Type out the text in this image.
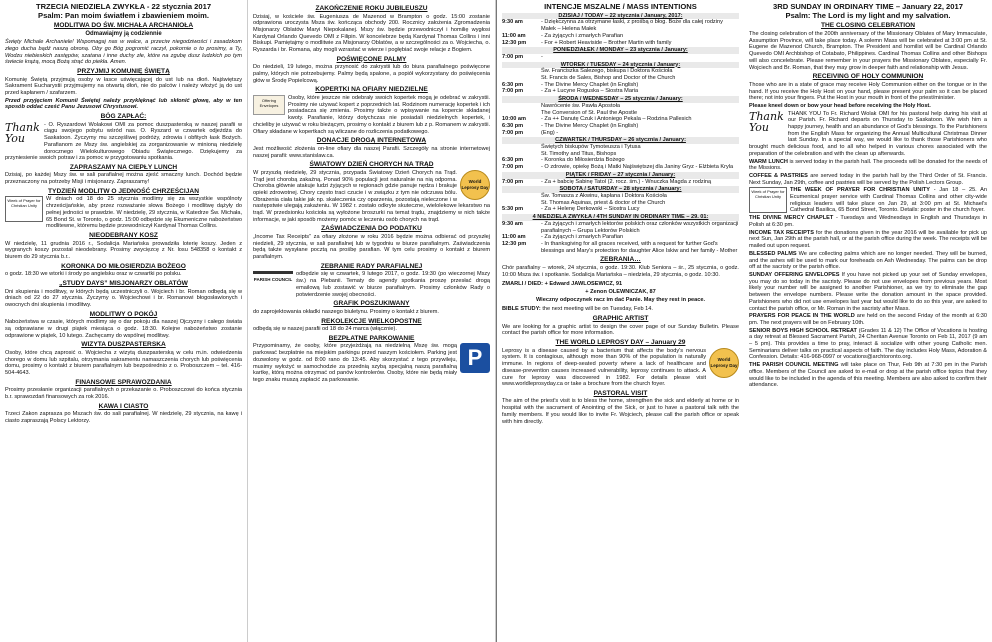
TRZECIA NIEDZIELA ZWYKŁA - 22 stycznia 2017
Psalm: Pan moim światłem i zbawieniem moim.
MODLITWA DO ŚW. MICHAŁA ARCHANIOŁA
Odmawiajmy ją codziennie

Święty Michale Archaniele! Wspomagaj nas w walce, a przeciw niegodziwości i zasadzkom złego ducha bądź naszą obroną. Oby go Bóg pogromić raczył, pokornie o to prosimy, a Ty, Wodzu niebieskich zastępów, szatana i inne duchy złe, które na zgubę dusz ludzkich po tym świecie krążą, mocą Bożą strąć do piekła. Amen.

PRZYJMIJ KOMUNIĘ ŚWIĘTĄ

Komunię Świętą przyjmują osoby w łasce uświęcającej do ust lub na dłoń. Najświętszy Sakrament Eucharystii przyjmujemy na otwartą dłoń, nie do palców i należy włożyć ją do ust przed kapłanem / szafarzem.

Przed przyjęciem Komunii Świętej należy przyklęknąć lub skłonić głowę, aby w ten sposób oddać cześć Panu Jezusowi Chrystusowi.

BÓG ZAPŁAĆ:
Thank You

- O. Ryszardowi Wolakowi OMI za pomoc duszpasterską w naszej parafii w ciągu swojego pobytu wśród nas. O. Ryszard w czwartek odjeżdża do Saskatoon. Życzymy mu szczęśliwej podróży, zdrowia i obfitych łask Bożych. Parafianom ze Mszy św. angielskiej za zorganizowanie w minioną niedzielę dorocznego Wielokulturowego Obiadu Świątecznego. Dziękujemy za przyniesienie swoich potraw i za pomoc w przygotowaniu spotkania.

ZAPRASZAMY NA CIEPŁY LUNCH

Dzisiaj, po każdej Mszy św. w sali parafialnej można zjeść smaczny lunch. Dochód będzie przeznaczony na potrzeby Misji i misjonarzy. Zapraszamy!

TYDZIEŃ MODLITW O JEDNOŚĆ CHRZEŚCIJAN
Week of Prayer for Christian Unity

W dniach od 18 do 25 stycznia modlimy się za wszystkie wspólnoty chrześcijańskie, aby przez rozważanie słowa Bożego i modlitwę dążyły do pełnej jedności w prawdzie. W niedzielę, 29 stycznia, w Katedrze Św. Michała, 65 Bond St. w Toronto, o godz. 15:00 odbędzie się Ekumeniczne nabożeństwo modlitewne, któremu będzie przewodniczył Kardynał Thomas Collins.

NIEODEBRANY KOSZ

W niedzielę, 11 grudnia 2016 r., Sodalicja Mariańska prowadziła loterię koszy. Jeden z wygranych koszy pozostał nieodebrany. Prosimy zwycięzcę z Nr. losu 548358 o kontakt z biurem do 29 stycznia b.r..

KORONKA DO MIŁOSIERDZIA BOŻEGO

o godz. 18:30 we wtorki i środy po angielsku oraz w czwartki po polsku.

„STUDY DAYS” MISJONARZY OBLATÓW

Dni skupienia i modlitwy, w których będą uczestniczyli o. Wojciech i br. Roman odbędą się w dniach od 22 do 27 stycznia. Życzymy o. Wojciechowi i br. Romanowi błogosławionych i owocnych dni skupienia i modlitwy.

MODLITWY O POKÓJ

Nabożeństwa w czasie, których modlimy się o dar pokoju dla naszej Ojczyzny i całego świata są odprawiane w drugi piątek miesiąca o godz. 18:30. Kolejne nabożeństwo zostanie odprawione w piątek, 10 lutego. Zachęcamy do wspólnej modlitwy.

WIZYTA DUSZPASTERSKA

Osoby, które chcą zaprosić o. Wojciecha z wizytą duszpasterską w celu m.in. odwiedzenia chorego w domu lub szpitalu, otrzymania sakramentu namaszczenia chorych lub poświęcenia domu, prosimy o kontakt z biurem parafialnym lub bezpośrednio z o. Proboszczem – tel. 416-504-4643.

FINANSOWE SPRAWOZDANIA

Prosimy przesłanie organizacji parafialnych o przekazanie o. Proboszczowi do końca stycznia b.r. sprawozdań finansowych za rok 2016.

KAWA I CIASTO

Trzeci Zakon zaprasza po Mszach św. do sali parafialnej. W niedzielę, 29 stycznia, na kawę i ciasto zapraszają Polscy Lektorzy.

ZAKOŃCZENIE ROKU JUBILEUSZU

Dzisiaj, w kościele św. Eugeniusza de Mazenod w Brampton o godz. 15:00 zostanie odprawiona uroczysta Msza św. kończąca obchody 200. Rocznicy założenia Zgromadzenia Misjonarzy Oblatów Maryi Niepokalanej. Mszy św. będzie przewodniczył i homilię wygłosi Kardynał Orlando Quevedo OMI z Filipin. W koncelebrze będą Kardynał Thomas Collins i inni Biskupi. Pamiętajmy o modlitwie za Misjonarzy Oblatów, a w szczególności za o. Wojciecha, o. Ryszarda i br. Romana, aby mogli wzrastać w wierze i pogłębiać swoje relacje z Bogiem.

POŚWIĘCONE PALMY

Do niedzieli, 19 lutego, można przynosić do zakrystii lub do biura parafialnego poświęcone palmy, których nie potrzebujemy. Palmy będą spalone, a popiół wykorzystany do poświęcenia głów w Środę Popielcową.

KOPERTKI NA OFIARY NIEDZIELNE
Offering Envelopes

Osoby, które jeszcze nie odebrały swoich kopertek mogą je odebrać w zakrystii. Prosimy nie używać kopert z poprzednich lat. Rodzinom numerację kopertek i ich posiadacza się zmienia. Prosimy także o wpisywanie na kopercie składanej kwoty. Parafianie, którzy dotychczas nie posiadali niedzielnych kopertek, i chcieliby je używać w roku bieżącym, prosimy o kontakt z biurem lub z p. Romanem w zakrystii. Ofiary składane w kopertkach są wliczane do rozliczenia podatkowego.

DONACJE DROGĄ INTERNETOWĄ

Jest możliwość złożenia on-line ofiary dla naszej Parafii. Szczegóły na stronie internetowej naszej parafii: www.stanislaw.ca.

ŚWIATOWY DZIEŃ CHORYCH NA TRĄD
World Leprosy Day

W przyszłą niedzielę, 29 stycznia, przypada Światowy Dzień Chorych na Trąd. Trąd jest chorobą zakaźną. Ponad 90% populacji jest naturalnie na nią odporna. Choroba głównie atakuje ludzi żyjących w regionach gdzie panuje nędza i brakuje opieki zdrowotnej. Chory często traci czucie i w związku z tym nie odczuwa bólu. Obrażenia ciała takie jak np. skaleczenia czy oparzenia, pozostają nieleczone i w następstwie ulegają zakażeniu. W 1982 r. zostało odkryte skuteczne, wielolekowe lekarstwo na trąd. W przedsionku kościoła są wyłożone broszurki na temat trądu, znajdziemy w nich także informacje, w jaki sposób możemy pomóc w leczeniu osób chorych na trąd.

ZAŚWIADCZENIA DO PODATKU

„Income Tax Receipts” za ofiary złożone w roku 2016 będzie można odbierać od przyszłej niedzieli, 29 stycznia, w sali parafialnej lub w tygodniu w biurze parafialnym. Zaświadczenia będą także wysyłane pocztą na prośbę parafian. W tym celu prosimy o kontakt z biurem parafialnym.

ZEBRANIE RADY PARAFIALNEJ
PARISH COUNCIL

odbędzie się w czwartek, 9 lutego 2017, o godz. 19:30 (po wieczornej Mszy św.) na Plebanii. Tematy do agendy spotkania proszę przesłać drogą emailową lub zostawić w biurze parafialnym. Prosimy członków Rady o potwierdzenie swojej obecności.

GRAFIK POSZUKIWANY

do zaprojektowania okładki naszego biuletynu. Prosimy o kontakt z biurem.

REKOLEKCJE WIELKOPOSTNE

odbędą się w naszej parafii od 18 do 24 marca (włącznie).

BEZPŁATNE PARKOWANIE
P

Przypominamy, że osoby, które przyjeżdżają na niedzielną Mszę św. mogą parkować bezpłatnie na miejskim parkingu przed naszym kościołem. Parking jest dozwolony w godz. od 8:00 rano do 13:45. Aby skorzystać z tego przywileju, musimy wyłożyć w samochodzie za przednią szybą specjalną naszą parafialną kartkę, którą można otrzymać od panów kontrolerów. Osoby, które nie będą miały tego znaku muszą zapłacić za parkowanie.

INTENCJE MSZALNE / MASS INTENTIONS
DZISIAJ / TODAY – 22 stycznia / January, 2017:
9:30 am	- Dziękczynna za otrzymane łaski, z prośbą o błog. Boże dla całej rodziny Małek – Helena Małek
11:00 am	- Za żyjących i zmarłych Parafian
12:30 pm	- For + Robert Heaviside – Brother Martin with family
PONIEDZIAŁEK / MONDAY – 23 stycznia / January:
7:00 pm	-
WTOREK / TUESDAY – 24 stycznia / January:
Św. Franciszka Salezego, biskupa i Doktora Kościoła
St. Francis de Sales, Bishop and Doctor of the Church
6:30 pm	- The Divine Mercy Chaplet (in English)
7:00 pm	- Za + Lucyne Roguska – Siostra Maria
ŚRODA / WEDNESDAY – 25 stycznia / January:
Nawrócenie św. Pawła Apostoła
The Conversion of St. Paul the Apostle
10:00 am	- Za ++ Danutę Czuk i Antoniego Pekala – Rodzina Pallesich
6:30 pm	- The Divine Mercy Chaplet (in English)
7:00 pm	(Eng) -
CZWARTEK / THURSDAY – 26 stycznia / January:
Świętych biskupów Tymoteusza i Tytusa
St. Timothy and Titus, Bishops
6:30 pm	- Koronka do Miłosierdzia Bożego
7:00 pm	- O zdrowie, opiekę Bożą i Matki Najświętszej dla Janiny Gryz - Elżbieta Kryla
PIĄTEK / FRIDAY – 27 stycznia / January:
7:00 pm	- Za + babcię Sabinę Tatol (2. rocz. śm.) - Wnuczka Magda z rodziną
SOBOTA / SATURDAY – 28 stycznia / January:
Św. Tomasza z Akwinu, kapłana i Doktora Kościoła
St. Thomas Aquinas, priest & doctor of the Church
5:30 pm	- Za + Helenę Derkowski – Siostra Lucy
4 NIEDZIELA ZWYKŁA / 4TH SUNDAY IN ORDINARY TIME – 29. 01:
9:30 am	- Za żyjących i zmarłych lektorów polskich oraz członków wszystkich organizacji parafialnych – Grupa Lektorów Polskich
11:00 am	- Za żyjących i zmarłych Parafian
12:30 pm	- In thanksgiving for all graces received, with a request for further God's blessings and Mary's protection for daughter Alice Iskiw and her family - Mother
ZEBRANIA…

Chór parafialny – wtorek, 24 stycznia, o godz. 19:30. Klub Seniora – śr., 25 stycznia, o godz. 10:00 Msza św. i spotkanie. Sodalicja Mariańska – niedziela, 29 stycznia, o godz. 10:30.

ZMARLI / DIED: + Edward JAWLOSEWICZ, 91

+ Zenon OLEWNICZAK, 87

Wieczny odpoczynek racz im dać Panie. May they rest in peace.

BIBLE STUDY: the next meeting will be on Tuesday, Feb 14.

GRAPHIC ARTIST

We are looking for a graphic artist to design the cover page of our Sunday Bulletin. Please contact the parish office for more information.

THE WORLD LEPROSY DAY – January 29
World Leprosy Day

Leprosy is a disease caused by a bacterium that affects the body's nervous system. It is contagious, although more than 90% of the population is naturally immune. In regions of deep-seated poverty where a lack of healthcare and disease-prevention causes increased vulnerability, leprosy continues to attack. A cure for leprosy was discovered in 1982. For details please visit www.worldleprosyday.ca or take a brochure from the church foyer.

PASTORAL VISIT

The aim of the priest's visit is to bless the home, strengthen the sick and elderly at home or in hospital with the sacrament of Anointing of the Sick, or just to have a pastoral talk with the family members. If you would like to invite Fr. Wojciech, please call the parish office or speak with him directly.

3RD SUNDAY IN ORDINARY TIME – January 22, 2017
Psalm: The Lord is my light and my salvation.
THE CLOSING CELEBRATION

The closing celebration of the 200th anniversary of the Missionary Oblates of Mary Immaculate, Assumption Province, will take place today. A solemn Mass will be celebrated at 3:00 pm at St. Eugene de Mazenod Church, Brampton. The President and homilist will be Cardinal Orlando Quevedo OMI Archbishop of Cotabato, Philippines. Cardinal Thomas Collins and other Bishops will also concelebrate. Please remember in your prayers the Missionary Oblates, especially Fr. Wojciech and Br. Roman, that they may grow in deeper faith and relationship with Jesus.

RECEIVING OF HOLY COMMUNION

Those who are in a state of grace may receive Holy Communion either on the tongue or in the hand. If you receive the Holy Host on your hand, please present your palm so it can be placed there; not into your fingers. Put the Host in your mouth in front of the priest/minister.

Please kneel down or bow your head before receiving the Holy Host.

Thank You

THANK YOU To Fr. Richard Wolak OMI for his pastoral help during his visit at our Parish. Fr. Richard departs on Thursday to Saskatoon. We wish him a happy journey, health and an abundance of God's blessings. To the Parishioners from the English Mass for organizing the Annual Multicultural Christmas Dinner last Sunday. In a special way, we would like to thank those Parishioners who brought much delicious food, and to all who helped in various chores associated with the preparation of the celebration and with the clean up afterwards.

WARM LUNCH is served today in the parish hall. The proceeds will be donated for the needs of the Missions.

COFFEE & PASTRIES are served today in the parish hall by the Third Order of St. Francis. Next Sunday, Jan 29th, coffee and pastries will be served by the Polish Lectors Group.

Week of Prayer for Christian Unity

THE WEEK OF PRAYER FOR CHRISTIAN UNITY - Jan 18 – 25. An Ecumenical prayer service with Cardinal Thomas Collins and other city-wide religious leaders will take place on Jan 29, at 3:00 pm at St. Michael's Cathedral Basilica, 65 Bond Street, Toronto. Details: poster in the church foyer.

THE DIVINE MERCY CHAPLET - Tuesdays and Wednesdays in English and Thursdays in Polish at 6:30 pm.

INCOME TAX RECEIPTS for the donations given in the year 2016 will be available for pick up next Sun, Jan 29th at the parish hall, or at the parish office during the week. The receipts will be mailed out upon request.

BLESSED PALMS We are collecting palms which are no longer needed. They will be burned, and the ashes will be used to mark our foreheads on Ash Wednesday. The palms can be drop off at the sacristy or the parish office.

SUNDAY OFFERING ENVELOPES If you have not picked up your set of Sunday envelopes, you may do so today in the sacristy. Please do not use envelopes from previous years. Most likely your number will be assigned to another Parishioner, as we try to eliminate the gap between the envelope numbers. Please write the donation amount in the space provided. Parishioners who did not use envelopes last year but would like to do so this year, are asked to contact the parish office, or Mr. Roman in the sacristy after Mass.

PRAYERS FOR PEACE IN THE WORLD are held on the second Friday of the month at 6:30 pm. The next prayers will be on February 10th.

SENIOR BOYS HIGH SCHOOL RETREAT (Grades 11 & 12) The Office of Vocations is hosting a day retreat at Blessed Sacrament Parish, 24 Cheritan Avenue Toronto on Feb 11, 2017 (9 am – 5 pm). This provides a time to pray, interact & socialize with other young Catholic men. Seminarians deliver talks on practical aspects of faith. The day includes Holy Mass, Adoration & Confession. Details: 416-968-0997 or vocations@archtoronto.org.

THE PARISH COUNCIL MEETING will take place on Thur, Feb 9th at 7:30 pm in the Parish office. Members of the Council are asked to e-mail or drop at the parish office topics that they would like to be included in the agenda of this meeting. Members are also asked to confirm their attendance.
